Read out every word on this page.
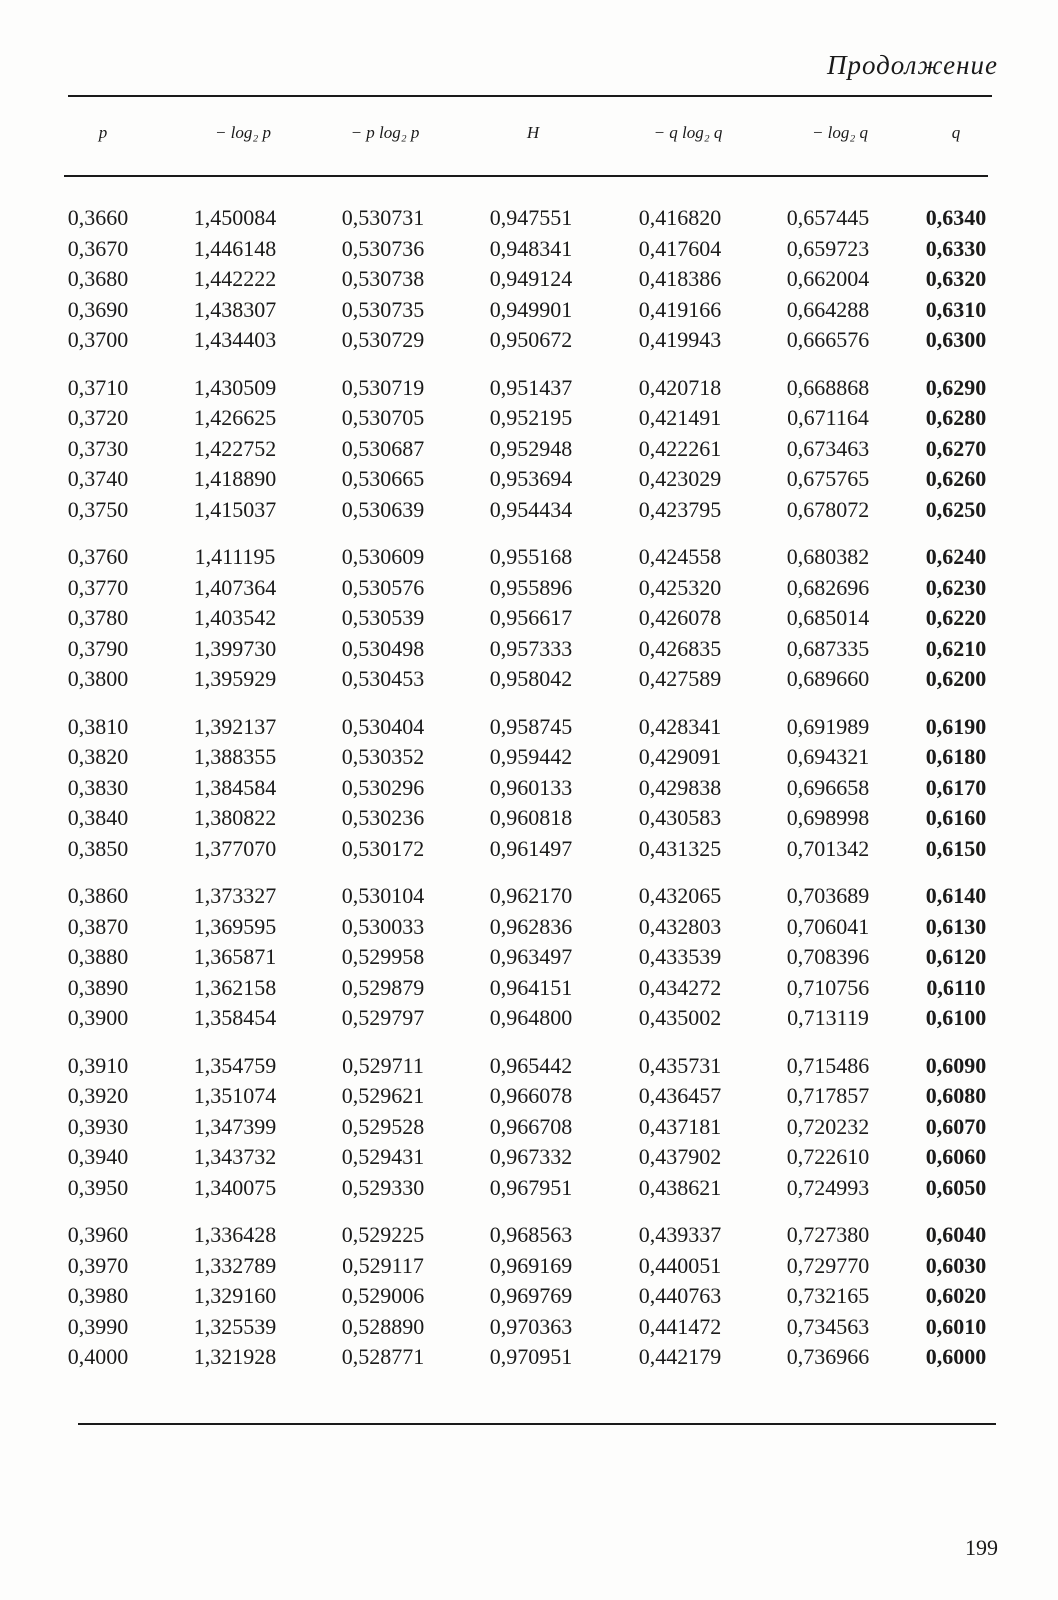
Продолжение
p	− log₂ p	− p log₂ p	H	− q log₂ q	− log₂ q	q
0,3660	1,450084	0,530731	0,947551	0,416820	0,657445	0,6340
0,3670	1,446148	0,530736	0,948341	0,417604	0,659723	0,6330
0,3680	1,442222	0,530738	0,949124	0,418386	0,662004	0,6320
0,3690	1,438307	0,530735	0,949901	0,419166	0,664288	0,6310
0,3700	1,434403	0,530729	0,950672	0,419943	0,666576	0,6300
0,3710	1,430509	0,530719	0,951437	0,420718	0,668868	0,6290
0,3720	1,426625	0,530705	0,952195	0,421491	0,671164	0,6280
0,3730	1,422752	0,530687	0,952948	0,422261	0,673463	0,6270
0,3740	1,418890	0,530665	0,953694	0,423029	0,675765	0,6260
0,3750	1,415037	0,530639	0,954434	0,423795	0,678072	0,6250
0,3760	1,411195	0,530609	0,955168	0,424558	0,680382	0,6240
0,3770	1,407364	0,530576	0,955896	0,425320	0,682696	0,6230
0,3780	1,403542	0,530539	0,956617	0,426078	0,685014	0,6220
0,3790	1,399730	0,530498	0,957333	0,426835	0,687335	0,6210
0,3800	1,395929	0,530453	0,958042	0,427589	0,689660	0,6200
0,3810	1,392137	0,530404	0,958745	0,428341	0,691989	0,6190
0,3820	1,388355	0,530352	0,959442	0,429091	0,694321	0,6180
0,3830	1,384584	0,530296	0,960133	0,429838	0,696658	0,6170
0,3840	1,380822	0,530236	0,960818	0,430583	0,698998	0,6160
0,3850	1,377070	0,530172	0,961497	0,431325	0,701342	0,6150
0,3860	1,373327	0,530104	0,962170	0,432065	0,703689	0,6140
0,3870	1,369595	0,530033	0,962836	0,432803	0,706041	0,6130
0,3880	1,365871	0,529958	0,963497	0,433539	0,708396	0,6120
0,3890	1,362158	0,529879	0,964151	0,434272	0,710756	0,6110
0,3900	1,358454	0,529797	0,964800	0,435002	0,713119	0,6100
0,3910	1,354759	0,529711	0,965442	0,435731	0,715486	0,6090
0,3920	1,351074	0,529621	0,966078	0,436457	0,717857	0,6080
0,3930	1,347399	0,529528	0,966708	0,437181	0,720232	0,6070
0,3940	1,343732	0,529431	0,967332	0,437902	0,722610	0,6060
0,3950	1,340075	0,529330	0,967951	0,438621	0,724993	0,6050
0,3960	1,336428	0,529225	0,968563	0,439337	0,727380	0,6040
0,3970	1,332789	0,529117	0,969169	0,440051	0,729770	0,6030
0,3980	1,329160	0,529006	0,969769	0,440763	0,732165	0,6020
0,3990	1,325539	0,528890	0,970363	0,441472	0,734563	0,6010
0,4000	1,321928	0,528771	0,970951	0,442179	0,736966	0,6000
199
